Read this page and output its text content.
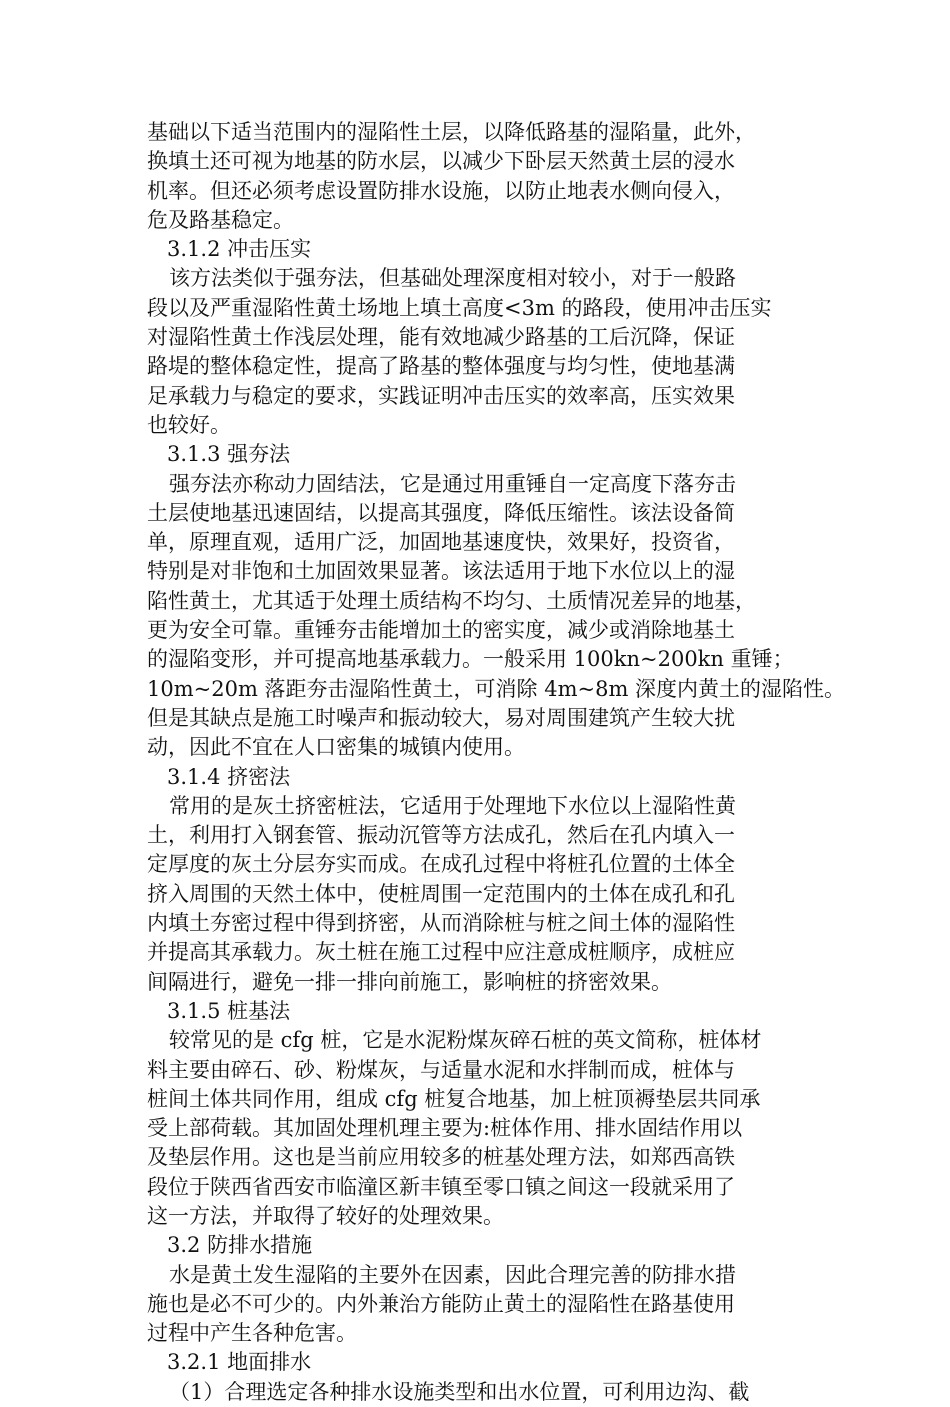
基础以下适当范围内的湿陷性土层，以降低路基的湿陷量，此外，
换填土还可视为地基的防水层，以减少下卧层天然黄土层的浸水
机率。但还必须考虑设置防排水设施，以防止地表水侧向侵入，
危及路基稳定。
3.1.2 冲击压实
该方法类似于强夯法，但基础处理深度相对较小，对于一般路
段以及严重湿陷性黄土场地上填土高度<3m 的路段，使用冲击压实
对湿陷性黄土作浅层处理，能有效地减少路基的工后沉降，保证
路堤的整体稳定性，提高了路基的整体强度与均匀性，使地基满
足承载力与稳定的要求，实践证明冲击压实的效率高，压实效果
也较好。
3.1.3 强夯法
强夯法亦称动力固结法，它是通过用重锤自一定高度下落夯击
土层使地基迅速固结，以提高其强度，降低压缩性。该法设备简
单，原理直观，适用广泛，加固地基速度快，效果好，投资省，
特别是对非饱和土加固效果显著。该法适用于地下水位以上的湿
陷性黄土，尤其适于处理土质结构不均匀、土质情况差异的地基，
更为安全可靠。重锤夯击能增加土的密实度，减少或消除地基土
的湿陷变形，并可提高地基承载力。一般采用 100kn~200kn 重锤；
10m~20m 落距夯击湿陷性黄土，可消除 4m~8m 深度内黄土的湿陷性。
但是其缺点是施工时噪声和振动较大，易对周围建筑产生较大扰
动，因此不宜在人口密集的城镇内使用。
3.1.4 挤密法
常用的是灰土挤密桩法，它适用于处理地下水位以上湿陷性黄
土，利用打入钢套管、振动沉管等方法成孔，然后在孔内填入一
定厚度的灰土分层夯实而成。在成孔过程中将桩孔位置的土体全
挤入周围的天然土体中，使桩周围一定范围内的土体在成孔和孔
内填土夯密过程中得到挤密，从而消除桩与桩之间土体的湿陷性
并提高其承载力。灰土桩在施工过程中应注意成桩顺序，成桩应
间隔进行，避免一排一排向前施工，影响桩的挤密效果。
3.1.5 桩基法
较常见的是 cfg 桩，它是水泥粉煤灰碎石桩的英文简称，桩体材
料主要由碎石、砂、粉煤灰，与适量水泥和水拌制而成，桩体与
桩间土体共同作用，组成 cfg 桩复合地基，加上桩顶褥垫层共同承
受上部荷载。其加固处理机理主要为:桩体作用、排水固结作用以
及垫层作用。这也是当前应用较多的桩基处理方法，如郑西高铁
段位于陕西省西安市临潼区新丰镇至零口镇之间这一段就采用了
这一方法，并取得了较好的处理效果。
3.2 防排水措施
水是黄土发生湿陷的主要外在因素，因此合理完善的防排水措
施也是必不可少的。内外兼治方能防止黄土的湿陷性在路基使用
过程中产生各种危害。
3.2.1 地面排水
（1）合理选定各种排水设施类型和出水位置，可利用边沟、截
